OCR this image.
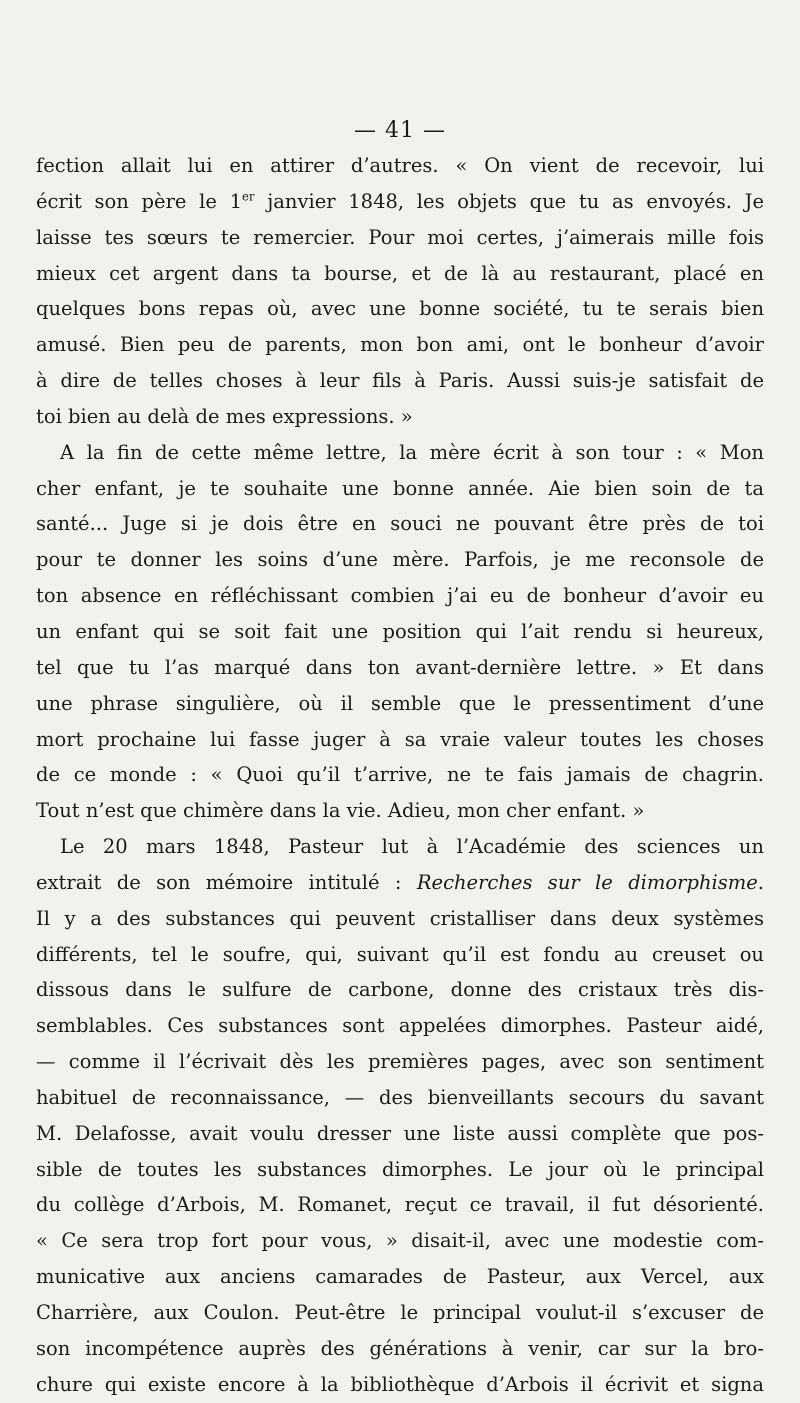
— 41 —
fection allait lui en attirer d’autres. « On vient de recevoir, lui
écrit son père le 1er janvier 1848, les objets que tu as envoyés. Je
laisse tes sœurs te remercier. Pour moi certes, j’aimerais mille fois
mieux cet argent dans ta bourse, et de là au restaurant, placé en
quelques bons repas où, avec une bonne société, tu te serais bien
amusé. Bien peu de parents, mon bon ami, ont le bonheur d’avoir
à dire de telles choses à leur fils à Paris. Aussi suis-je satisfait de
toi bien au delà de mes expressions. »
A la fin de cette même lettre, la mère écrit à son tour : « Mon
cher enfant, je te souhaite une bonne année. Aie bien soin de ta
santé... Juge si je dois être en souci ne pouvant être près de toi
pour te donner les soins d’une mère. Parfois, je me reconsole de
ton absence en réfléchissant combien j’ai eu de bonheur d’avoir eu
un enfant qui se soit fait une position qui l’ait rendu si heureux,
tel que tu l’as marqué dans ton avant-dernière lettre. » Et dans
une phrase singulière, où il semble que le pressentiment d’une
mort prochaine lui fasse juger à sa vraie valeur toutes les choses
de ce monde : « Quoi qu’il t’arrive, ne te fais jamais de chagrin.
Tout n’est que chimère dans la vie. Adieu, mon cher enfant. »
Le 20 mars 1848, Pasteur lut à l’Académie des sciences un
extrait de son mémoire intitulé : Recherches sur le dimorphisme.
Il y a des substances qui peuvent cristalliser dans deux systèmes
différents, tel le soufre, qui, suivant qu’il est fondu au creuset ou
dissous dans le sulfure de carbone, donne des cristaux très dis-
semblables. Ces substances sont appelées dimorphes. Pasteur aidé,
— comme il l’écrivait dès les premières pages, avec son sentiment
habituel de reconnaissance, — des bienveillants secours du savant
M. Delafosse, avait voulu dresser une liste aussi complète que pos-
sible de toutes les substances dimorphes. Le jour où le principal
du collège d’Arbois, M. Romanet, reçut ce travail, il fut désorienté.
« Ce sera trop fort pour vous, » disait-il, avec une modestie com-
municative aux anciens camarades de Pasteur, aux Vercel, aux
Charrière, aux Coulon. Peut-être le principal voulut-il s’excuser de
son incompétence auprès des générations à venir, car sur la bro-
chure qui existe encore à la bibliothèque d’Arbois il écrivit et signa
